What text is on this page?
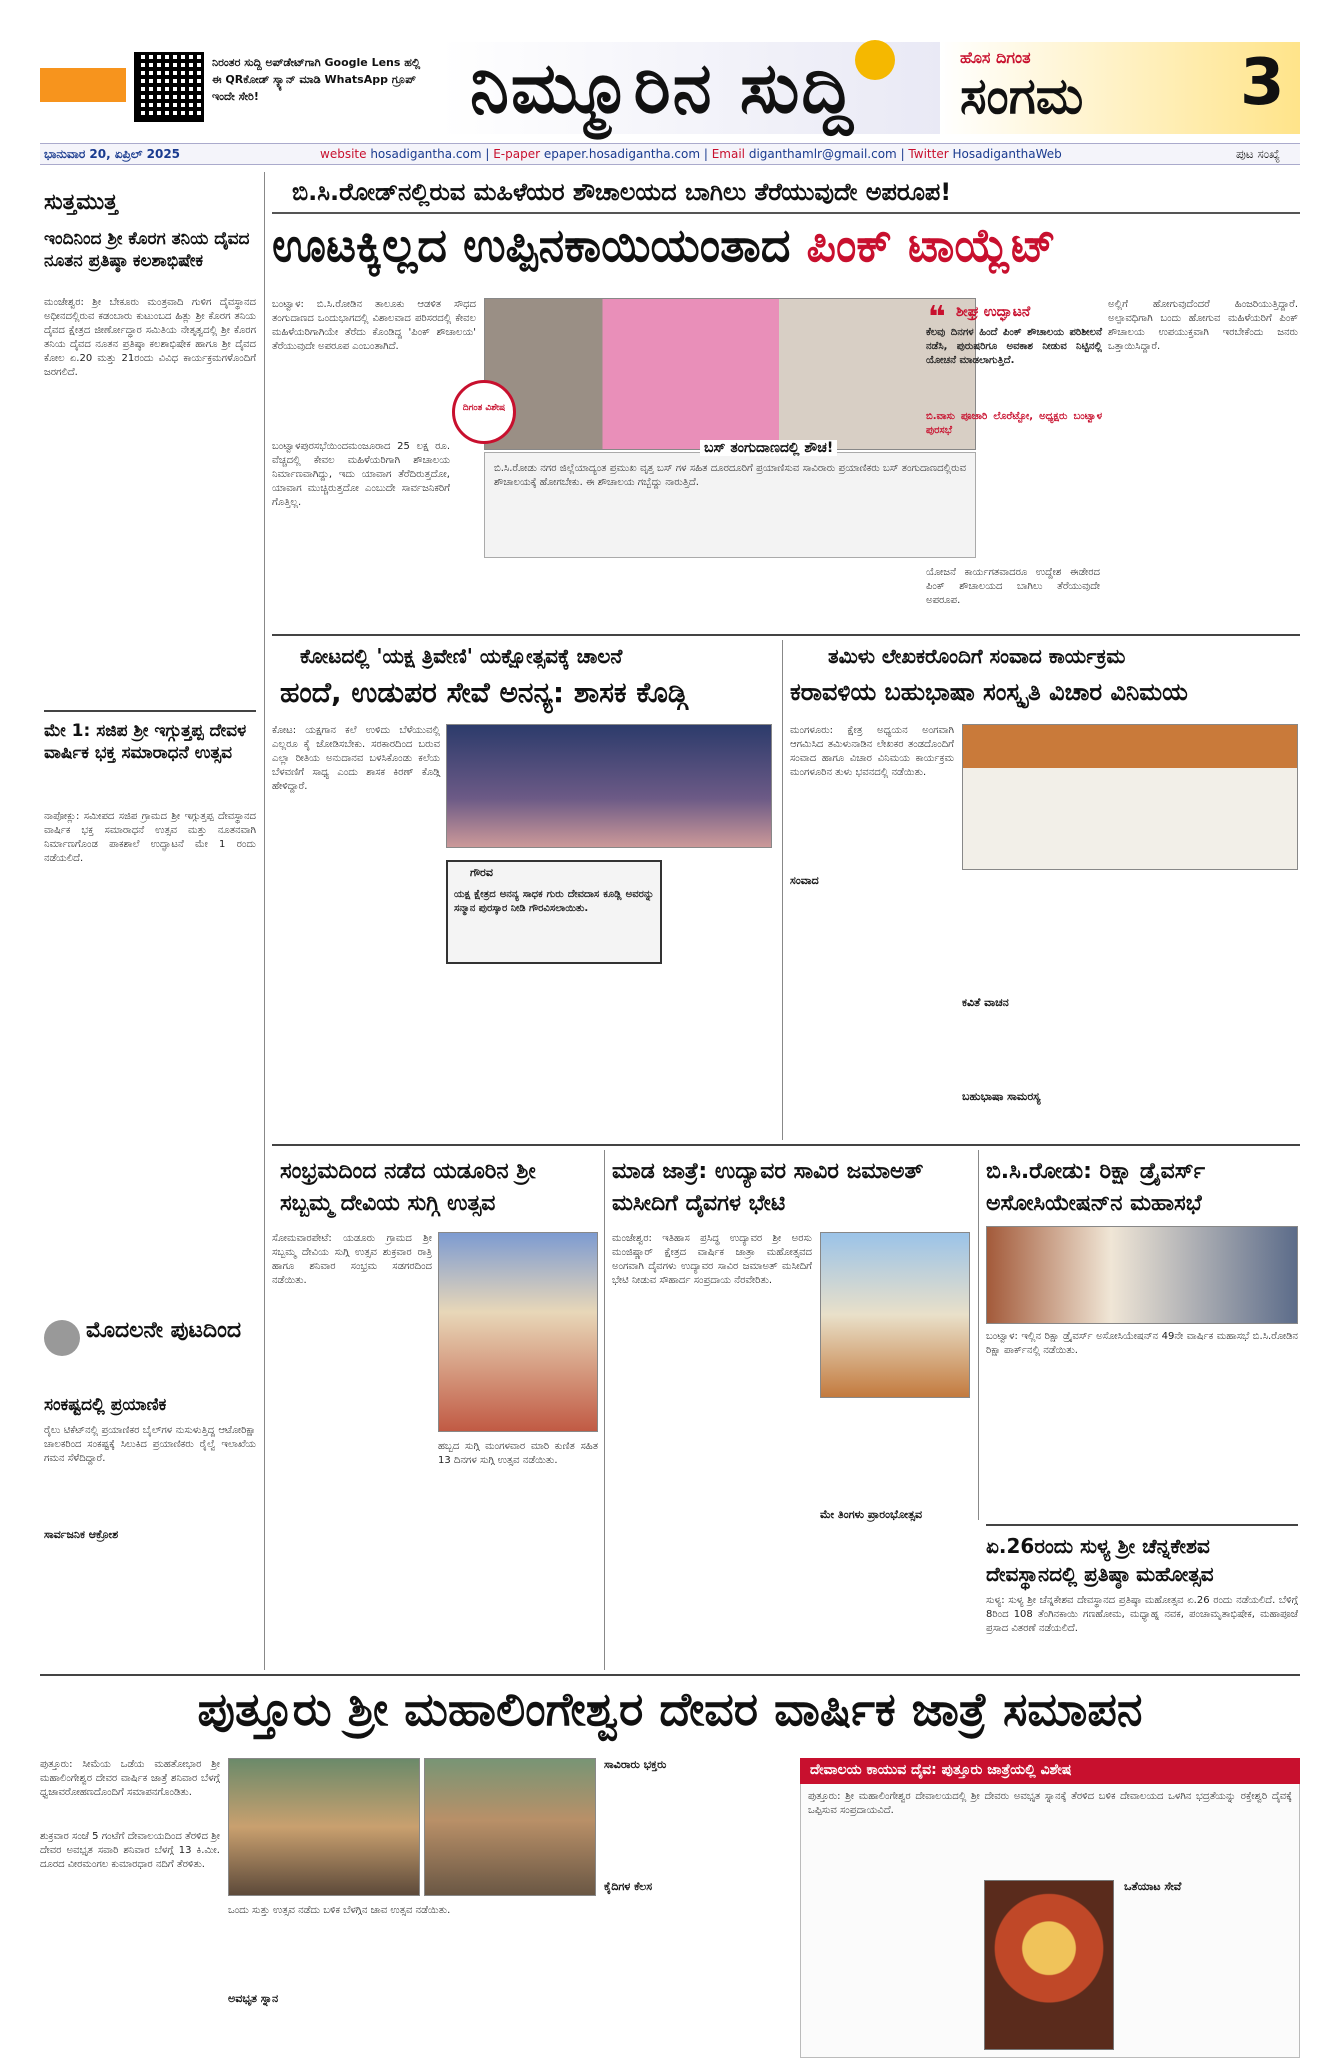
ನಿರಂತರ ಸುದ್ದಿ ಅಪ್‌ಡೇಟ್‌ಗಾಗಿ Google Lens ಹಲ್ಲಿ ಈ QRಕೋಡ್ ಸ್ಕ್ಯಾನ್ ಮಾಡಿ WhatsApp ಗ್ರೂಪ್ ಇಂದೇ ಸೇರಿ!	ನಿಮ್ಮೂರಿನ ಸುದ್ದಿ	ಹೊಸ ದಿಗಂತ
ಸಂಗಮ 3
ಭಾನುವಾರ 20, ಏಪ್ರಿಲ್ 2025	website hosadigantha.com | E-paper epaper.hosadigantha.com | Email diganthamlr@gmail.com | Twitter HosadiganthaWeb	ಪುಟ ಸಂಖ್ಯೆ
ಸುತ್ತಮುತ್ತ
ಇಂದಿನಿಂದ ಶ್ರೀ ಕೊರಗ ತನಿಯ ದೈವದ ನೂತನ ಪ್ರತಿಷ್ಠಾ ಕಲಶಾಭಿಷೇಕ
ಮಂಜೇಶ್ವರ: ಶ್ರೀ ಬೇಕೂರು ಮಂತ್ರವಾದಿ ಗುಳಿಗ ದೈವಸ್ಥಾನದ ಅಧೀನದಲ್ಲಿರುವ ಕಡಂಬಾರು ಕುಟುಂಬದ ಹಿತ್ಲು ಶ್ರೀ ಕೊರಗ ತನಿಯ ದೈವದ ಕ್ಷೇತ್ರದ ಜೀರ್ಣೋದ್ಧಾರ ಸಮಿತಿಯ ನೇತೃತ್ವದಲ್ಲಿ ಶ್ರೀ ಕೊರಗ ತನಿಯ ದೈವದ ನೂತನ ಪ್ರತಿಷ್ಠಾ ಕಲಶಾಭಿಷೇಕ ಹಾಗೂ ಶ್ರೀ ದೈವದ ಕೋಲ ಏ.20 ಮತ್ತು 21ರಂದು ವಿವಿಧ ಕಾರ್ಯಕ್ರಮಗಳೊಂದಿಗೆ ಜರಗಲಿದೆ.
ಮೇ 1: ಸಜಿಪ ಶ್ರೀ ಇಗ್ಗುತ್ತಪ್ಪ ದೇವಳ ವಾರ್ಷಿಕ ಭಕ್ತ ಸಮಾರಾಧನೆ ಉತ್ಸವ
ನಾಪೋಕ್ಲು: ಸಮೀಪದ ಸಜಿಪ ಗ್ರಾಮದ ಶ್ರೀ ಇಗ್ಗುತ್ತಪ್ಪ ದೇವಸ್ಥಾನದ ವಾರ್ಷಿಕ ಭಕ್ತ ಸಮಾರಾಧನೆ ಉತ್ಸವ ಮತ್ತು ನೂತನವಾಗಿ ನಿರ್ಮಾಣಗೊಂಡ ಪಾಕಶಾಲೆ ಉದ್ಘಾಟನೆ ಮೇ 1 ರಂದು ನಡೆಯಲಿದೆ.
ಮೊದಲನೇ ಪುಟದಿಂದ
ಸಂಕಷ್ಟದಲ್ಲಿ ಪ್ರಯಾಣಿಕ
ರೈಲು ಟಿಕೆಟ್‌ನಲ್ಲಿ ಪ್ರಯಾಣಿಕರ ಬೈಲ್‌ಗಳ ನುಸುಳುತ್ತಿದ್ದ ಆಟೋರಿಕ್ಷಾ ಚಾಲಕರಿಂದ ಸಂಕಷ್ಟಕ್ಕೆ ಸಿಲುಕಿದ ಪ್ರಯಾಣಿಕರು ರೈಲ್ವೆ ಇಲಾಖೆಯ ಗಮನ ಸೆಳೆದಿದ್ದಾರೆ.
ಸಾರ್ವಜನಿಕ ಆಕ್ರೋಶ
ಬಿ.ಸಿ.ರೋಡ್‌ನಲ್ಲಿರುವ ಮಹಿಳೆಯರ ಶೌಚಾಲಯದ ಬಾಗಿಲು ತೆರೆಯುವುದೇ ಅಪರೂಪ!
ಊಟಕ್ಕಿಲ್ಲದ ಉಪ್ಪಿನಕಾಯಿಯಂತಾದ ಪಿಂಕ್ ಟಾಯ್ಲೆಟ್
ಬಂಟ್ವಾಳ: ಬಿ.ಸಿ.ರೋಡಿನ ತಾಲೂಕು ಆಡಳಿತ ಸೌಧದ ತಂಗುದಾಣದ ಒಂದುಭಾಗದಲ್ಲಿ ವಿಶಾಲವಾದ ಪರಿಸರದಲ್ಲಿ ಕೇವಲ ಮಹಿಳೆಯರಿಗಾಗಿಯೇ ತೆರೆದು ಕೊಂಡಿದ್ದ 'ಪಿಂಕ್ ಶೌಚಾಲಯ' ತೆರೆಯುವುದೇ ಅಪರೂಪ ಎಂಬಂತಾಗಿದೆ.
ಬಂಟ್ವಾಳಪುರಸಭೆಯಿಂದಮಂಜೂರಾದ 25 ಲಕ್ಷ ರೂ. ವೆಚ್ಚದಲ್ಲಿ ಕೇವಲ ಮಹಿಳೆಯರಿಗಾಗಿ ಶೌಚಾಲಯ ನಿರ್ಮಾಣವಾಗಿದ್ದು, ಇದು ಯಾವಾಗ ತೆರೆದಿರುತ್ತದೋ, ಯಾವಾಗ ಮುಚ್ಚಿರುತ್ತದೋ ಎಂಬುದೇ ಸಾರ್ವಜನಿಕರಿಗೆ ಗೊತ್ತಿಲ್ಲ.
ದಿಗಂತ ವಿಶೇಷ
ಬಸ್ ತಂಗುದಾಣದಲ್ಲಿ ಶೌಚ!
ಬಿ.ಸಿ.ರೋಡು ನಗರ ಜಿಲ್ಲೆಯಾದ್ಯಂತ ಪ್ರಮುಖ ವೃತ್ತ ಬಸ್ ಗಳ ಸಹಿತ ದೂರದೂರಿಗೆ ಪ್ರಯಾಣಿಸುವ ಸಾವಿರಾರು ಪ್ರಯಾಣಿಕರು ಬಸ್ ತಂಗುದಾಣದಲ್ಲಿರುವ ಶೌಚಾಲಯಕ್ಕೆ ಹೋಗಬೇಕು. ಈ ಶೌಚಾಲಯ ಗಬ್ಬೆದ್ದು ನಾರುತ್ತಿದೆ.
❝ ಶೀಘ್ರ ಉದ್ಘಾಟನೆ
ಕೆಲವು ದಿನಗಳ ಹಿಂದೆ ಪಿಂಕ್ ಶೌಚಾಲಯ ಪರಿಶೀಲನೆ ನಡೆಸಿ, ಪುರುಷರಿಗೂ ಅವಕಾಶ ನೀಡುವ ನಿಟ್ಟಿನಲ್ಲಿ ಯೋಚನೆ ಮಾಡಲಾಗುತ್ತಿದೆ.
ಬಿ.ವಾಸು ಪೂಜಾರಿ ಲೊರೆಟ್ಟೋ, ಅಧ್ಯಕ್ಷರು ಬಂಟ್ವಾಳ ಪುರಸಭೆ
ಅಲ್ಲಿಗೆ ಹೋಗುವುದೆಂದರೆ ಹಿಂಜರಿಯುತ್ತಿದ್ದಾರೆ. ಅಲ್ಪಾವಧಿಗಾಗಿ ಬಂದು ಹೋಗುವ ಮಹಿಳೆಯರಿಗೆ ಪಿಂಕ್ ಶೌಚಾಲಯ ಉಪಯುಕ್ತವಾಗಿ ಇರಬೇಕೆಂದು ಜನರು ಒತ್ತಾಯಿಸಿದ್ದಾರೆ.
ಯೋಜನೆ ಕಾರ್ಯಗತವಾದರೂ ಉದ್ದೇಶ ಈಡೇರದ ಪಿಂಕ್ ಶೌಚಾಲಯದ ಬಾಗಿಲು ತೆರೆಯುವುದೇ ಅಪರೂಪ.
ಕೋಟದಲ್ಲಿ 'ಯಕ್ಷ ತ್ರಿವೇಣಿ' ಯಕ್ಷೋತ್ಸವಕ್ಕೆ ಚಾಲನೆ
ಹಂದೆ, ಉಡುಪರ ಸೇವೆ ಅನನ್ಯ: ಶಾಸಕ ಕೊಡ್ಗಿ
ಕೋಟ: ಯಕ್ಷಗಾನ ಕಲೆ ಉಳಿದು ಬೆಳೆಯುವಲ್ಲಿ ಎಲ್ಲರೂ ಕೈ ಜೋಡಿಸಬೇಕು. ಸರಕಾರದಿಂದ ಬರುವ ಎಲ್ಲಾ ರೀತಿಯ ಅನುದಾನವ ಬಳಸಿಕೊಂಡು ಕಲೆಯ ಬೆಳವಣಿಗೆ ಸಾಧ್ಯ ಎಂದು ಶಾಸಕ ಕಿರಣ್ ಕೊಡ್ಗಿ ಹೇಳಿದ್ದಾರೆ.
ಗೌರವ
ಯಕ್ಷ ಕ್ಷೇತ್ರದ ಅನನ್ಯ ಸಾಧಕ ಗುರು ದೇವದಾಸ ಕೂಡ್ಲಿ ಅವರನ್ನು ಸನ್ಮಾನ ಪುರಸ್ಕಾರ ನೀಡಿ ಗೌರವಿಸಲಾಯಿತು.
ತಮಿಳು ಲೇಖಕರೊಂದಿಗೆ ಸಂವಾದ ಕಾರ್ಯಕ್ರಮ
ಕರಾವಳಿಯ ಬಹುಭಾಷಾ ಸಂಸ್ಕೃತಿ ವಿಚಾರ ವಿನಿಮಯ
ಮಂಗಳೂರು: ಕ್ಷೇತ್ರ ಅಧ್ಯಯನ ಅಂಗವಾಗಿ ಆಗಮಿಸಿದ ತಮಿಳುನಾಡಿನ ಲೇಖಕರ ತಂಡದೊಂದಿಗೆ ಸಂವಾದ ಹಾಗೂ ವಿಚಾರ ವಿನಿಮಯ ಕಾರ್ಯಕ್ರಮ ಮಂಗಳೂರಿನ ತುಳು ಭವನದಲ್ಲಿ ನಡೆಯಿತು.
ಸಂವಾದ
ಕವಿತೆ ವಾಚನ
ಬಹುಭಾಷಾ ಸಾಮರಸ್ಯ
ಸಂಭ್ರಮದಿಂದ ನಡೆದ ಯಡೂರಿನ ಶ್ರೀ ಸಬ್ಬಮ್ಮ ದೇವಿಯ ಸುಗ್ಗಿ ಉತ್ಸವ
ಸೋಮವಾರಪೇಟೆ: ಯಡೂರು ಗ್ರಾಮದ ಶ್ರೀ ಸಬ್ಬಮ್ಮ ದೇವಿಯ ಸುಗ್ಗಿ ಉತ್ಸವ ಶುಕ್ರವಾರ ರಾತ್ರಿ ಹಾಗೂ ಶನಿವಾರ ಸಂಭ್ರಮ ಸಡಗರದಿಂದ ನಡೆಯಿತು.
ಹಬ್ಬದ ಸುಗ್ಗಿ ಮಂಗಳವಾರ ಮಾರಿ ಕುಣಿತ ಸಹಿತ 13 ದಿನಗಳ ಸುಗ್ಗಿ ಉತ್ಸವ ನಡೆಯಿತು.
ಮಾಡ ಜಾತ್ರೆ: ಉದ್ಯಾವರ ಸಾವಿರ ಜಮಾಅತ್ ಮಸೀದಿಗೆ ದೈವಗಳ ಭೇಟಿ
ಮಂಜೇಶ್ವರ: ಇತಿಹಾಸ ಪ್ರಸಿದ್ಧ ಉದ್ಯಾವರ ಶ್ರೀ ಅರಸು ಮಂಜಿಷ್ಣಾರ್ ಕ್ಷೇತ್ರದ ವಾರ್ಷಿಕ ಜಾತ್ರಾ ಮಹೋತ್ಸವದ ಅಂಗವಾಗಿ ದೈವಗಳು ಉದ್ಯಾವರ ಸಾವಿರ ಜಮಾಅತ್ ಮಸೀದಿಗೆ ಭೇಟಿ ನೀಡುವ ಸೌಹಾರ್ದ ಸಂಪ್ರದಾಯ ನೆರವೇರಿತು.
ಮೇ ತಿಂಗಳು ಪ್ರಾರಂಭೋತ್ಸವ
ಬಿ.ಸಿ.ರೋಡು: ರಿಕ್ಷಾ ಡ್ರೈವರ್ಸ್ ಅಸೋಸಿಯೇಷನ್‌ನ ಮಹಾಸಭೆ
ಬಂಟ್ವಾಳ: ಇಲ್ಲಿನ ರಿಕ್ಷಾ ಡ್ರೈವರ್ಸ್ ಅಸೋಸಿಯೇಷನ್‌ನ 49ನೇ ವಾರ್ಷಿಕ ಮಹಾಸಭೆ ಬಿ.ಸಿ.ರೋಡಿನ ರಿಕ್ಷಾ ಪಾರ್ಕ್‌ನಲ್ಲಿ ನಡೆಯಿತು.
ಏ.26ರಂದು ಸುಳ್ಯ ಶ್ರೀ ಚೆನ್ನಕೇಶವ ದೇವಸ್ಥಾನದಲ್ಲಿ ಪ್ರತಿಷ್ಠಾ ಮಹೋತ್ಸವ
ಸುಳ್ಯ: ಸುಳ್ಯ ಶ್ರೀ ಚೆನ್ನಕೇಶವ ದೇವಸ್ಥಾನದ ಪ್ರತಿಷ್ಠಾ ಮಹೋತ್ಸವ ಏ.26 ರಂದು ನಡೆಯಲಿದೆ. ಬೆಳಿಗ್ಗೆ 8ರಿಂದ 108 ತೆಂಗಿನಕಾಯಿ ಗಣಹೋಮ, ಮಧ್ಯಾಹ್ನ ನವಕ, ಪಂಚಾಮೃತಾಭಿಷೇಕ, ಮಹಾಪೂಜೆ ಪ್ರಸಾದ ವಿತರಣೆ ನಡೆಯಲಿದೆ.
ಪುತ್ತೂರು ಶ್ರೀ ಮಹಾಲಿಂಗೇಶ್ವರ ದೇವರ ವಾರ್ಷಿಕ ಜಾತ್ರೆ ಸಮಾಪನ
ಪುತ್ತೂರು: ಸೀಮೆಯ ಒಡೆಯ ಮಹತೋಭಾರ ಶ್ರೀ ಮಹಾಲಿಂಗೇಶ್ವರ ದೇವರ ವಾರ್ಷಿಕ ಜಾತ್ರೆ ಶನಿವಾರ ಬೆಳಗ್ಗೆ ಧ್ವಜಾವರೋಹಣದೊಂದಿಗೆ ಸಮಾಪನಗೊಂಡಿತು.
ಶುಕ್ರವಾರ ಸಂಜೆ 5 ಗಂಟೆಗೆ ದೇವಾಲಯದಿಂದ ತೆರಳಿದ ಶ್ರೀ ದೇವರ ಅವಭೃತ ಸವಾರಿ ಶನಿವಾರ ಬೆಳಗ್ಗೆ 13 ಕಿ.ಮೀ. ದೂರದ ವೀರಮಂಗಲ ಕುಮಾರಧಾರ ನದಿಗೆ ತೆರಳಿತು.
ಒಂದು ಸುತ್ತು ಉತ್ಸವ ನಡೆದು ಬಳಿಕ ಬೆಳಗ್ಗಿನ ಜಾವ ಉತ್ಸವ ನಡೆಯಿತು.
ಅವಭೃತ ಸ್ನಾನ
ಸಾವಿರಾರು ಭಕ್ತರು
ಕೈದಿಗಳ ಕೆಲಸ
ದೇವಾಲಯ ಕಾಯುವ ದೈವ: ಪುತ್ತೂರು ಜಾತ್ರೆಯಲ್ಲಿ ವಿಶೇಷ
ಪುತ್ತೂರು: ಶ್ರೀ ಮಹಾಲಿಂಗೇಶ್ವರ ದೇವಾಲಯದಲ್ಲಿ ಶ್ರೀ ದೇವರು ಅವಭೃತ ಸ್ನಾನಕ್ಕೆ ತೆರಳಿದ ಬಳಿಕ ದೇವಾಲಯದ ಒಳಗಿನ ಭದ್ರತೆಯನ್ನು ರಕ್ತೇಶ್ವರಿ ದೈವಕ್ಕೆ ಒಪ್ಪಿಸುವ ಸಂಪ್ರದಾಯವಿದೆ.
ಒತೆಯಾಟ ಸೇವೆ
